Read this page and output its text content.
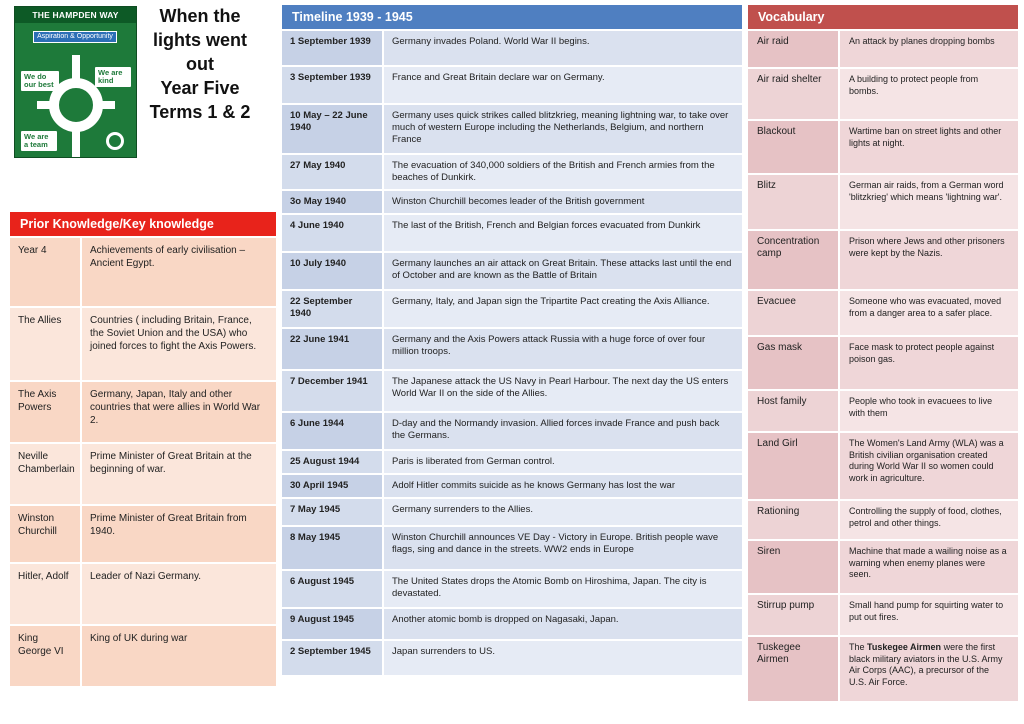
THE HAMPDEN WAY
Aspiration & Opportunity
We do our best
We are kind
We are a team
When the
lights went
out
Year Five
Terms 1 & 2
Prior Knowledge/Key knowledge
Year 4	Achievements of early civilisation – Ancient Egypt.
The Allies	Countries ( including Britain, France, the Soviet Union and the USA) who joined forces to fight the Axis Powers.
The Axis Powers	Germany, Japan, Italy and other countries that were allies in World War 2.
Neville Chamberlain	Prime Minister of Great Britain at the beginning of war.
Winston Churchill	Prime Minister of Great Britain from 1940.
Hitler, Adolf	Leader of Nazi Germany.
King George VI	King of UK during war
Timeline 1939 - 1945
1 September 1939	Germany invades Poland. World War II begins.
3 September 1939	France and Great Britain declare war on Germany.
10 May – 22 June 1940	Germany uses quick strikes called blitzkrieg, meaning lightning war, to take over much of western Europe including the Netherlands, Belgium, and northern France
27 May 1940	The evacuation of 340,000 soldiers of the British and French armies from the beaches of Dunkirk.
3o May 1940	Winston Churchill becomes leader of the British government
4 June 1940	The last of the British, French and Belgian forces evacuated from Dunkirk
10 July 1940	Germany launches an air attack on Great Britain. These attacks last until the end of October and are known as the Battle of Britain
22 September 1940	Germany, Italy, and Japan sign the Tripartite Pact creating the Axis Alliance.
22 June 1941	Germany and the Axis Powers attack Russia with a huge force of over four million troops.
7 December 1941	The Japanese attack the US Navy in Pearl Harbour. The next day the US enters World War II on the side of the Allies.
6 June 1944	D-day and the Normandy invasion. Allied forces invade France and push back the Germans.
25 August 1944	Paris is liberated from German control.
30 April 1945	Adolf Hitler commits suicide as he knows Germany has lost the war
7 May 1945	Germany surrenders to the Allies.
8 May 1945	Winston Churchill announces VE Day - Victory in Europe. British people wave flags, sing and dance in the streets. WW2 ends in Europe
6 August 1945	The United States drops the Atomic Bomb on Hiroshima, Japan. The city is devastated.
9 August 1945	Another atomic bomb is dropped on Nagasaki, Japan.
2 September 1945	Japan surrenders to US.
Vocabulary
Air raid	An attack by planes dropping bombs
Air raid shelter	A building to protect people from bombs.
Blackout	Wartime ban on street lights and other lights at night.
Blitz	German air raids, from a German word 'blitzkrieg' which means 'lightning war'.
Concentration camp	Prison where Jews and other prisoners were kept by the Nazis.
Evacuee	Someone who was evacuated, moved from a danger area to a safer place.
Gas mask	Face mask to protect people against poison gas.
Host family	People who took in evacuees to live with them
Land Girl	The Women's Land Army (WLA) was a British civilian organisation created during World War II so women could work in agriculture.
Rationing	Controlling the supply of food, clothes, petrol and other things.
Siren	Machine that made a wailing noise as a warning when enemy planes were seen.
Stirrup pump	Small hand pump for squirting water to put out fires.
Tuskegee Airmen	The Tuskegee Airmen were the first black military aviators in the U.S. Army Air Corps (AAC), a precursor of the U.S. Air Force.
